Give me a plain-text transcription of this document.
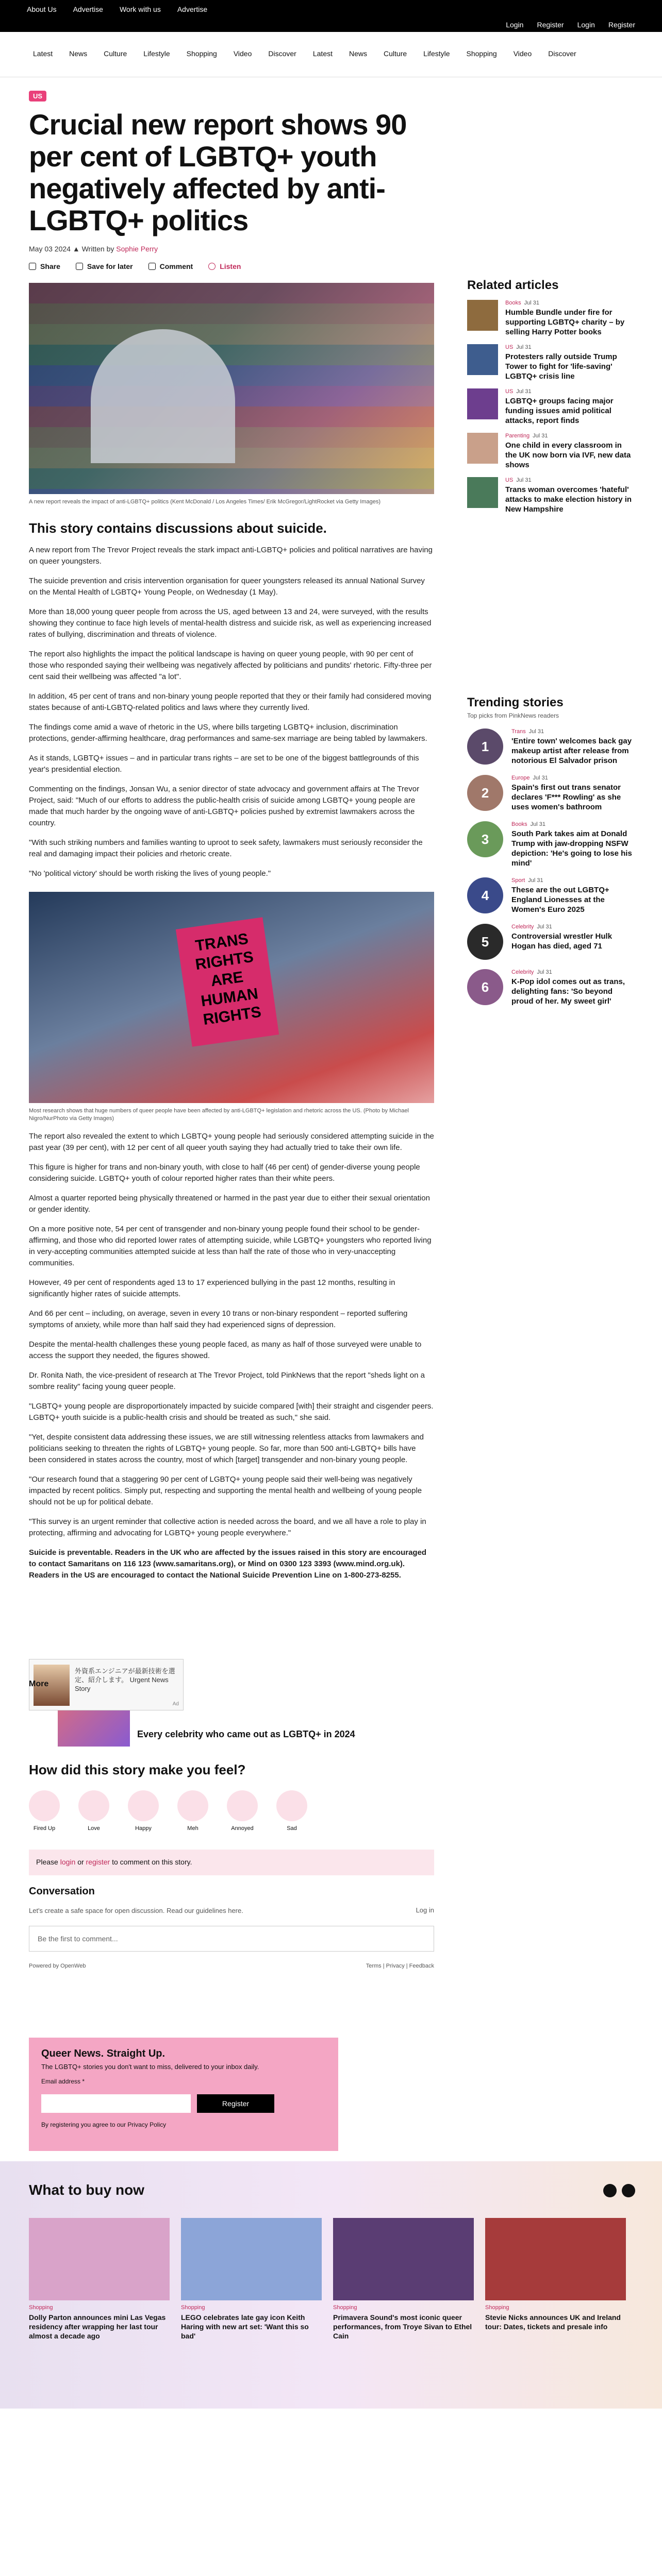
About Us Advertise Work with us Advertise
Login Register Login Register
Latest News Culture Lifestyle Shopping Video Discover Latest News Culture Lifestyle Shopping Video Discover
US
Crucial new report shows 90 per cent of LGBTQ+ youth negatively affected by anti-LGBTQ+ politics
May 03 2024 ▲ Written by Sophie Perry
Share	Save for later	Comment	Listen
A new report reveals the impact of anti-LGBTQ+ politics (Kent McDonald / Los Angeles Times/ Erik McGregor/LightRocket via Getty Images)
This story contains discussions about suicide.

A new report from The Trevor Project reveals the stark impact anti-LGBTQ+ policies and political narratives are having on queer youngsters.

The suicide prevention and crisis intervention organisation for queer youngsters released its annual National Survey on the Mental Health of LGBTQ+ Young People, on Wednesday (1 May).

More than 18,000 young queer people from across the US, aged between 13 and 24, were surveyed, with the results showing they continue to face high levels of mental-health distress and suicide risk, as well as experiencing increased rates of bullying, discrimination and threats of violence.

The report also highlights the impact the political landscape is having on queer young people, with 90 per cent of those who responded saying their wellbeing was negatively affected by politicians and pundits' rhetoric. Fifty-three per cent said their wellbeing was affected "a lot".

In addition, 45 per cent of trans and non-binary young people reported that they or their family had considered moving states because of anti-LGBTQ-related politics and laws where they currently lived.

The findings come amid a wave of rhetoric in the US, where bills targeting LGBTQ+ inclusion, discrimination protections, gender-affirming healthcare, drag performances and same-sex marriage are being tabled by lawmakers.

As it stands, LGBTQ+ issues – and in particular trans rights – are set to be one of the biggest battlegrounds of this year's presidential election.

Commenting on the findings, Jonsan Wu, a senior director of state advocacy and government affairs at The Trevor Project, said: "Much of our efforts to address the public-health crisis of suicide among LGBTQ+ young people are made that much harder by the ongoing wave of anti-LGBTQ+ policies pushed by extremist lawmakers across the country.

"With such striking numbers and families wanting to uproot to seek safety, lawmakers must seriously reconsider the real and damaging impact their policies and rhetoric create.

"No 'political victory' should be worth risking the lives of young people."

TRANS RIGHTS ARE HUMAN RIGHTS
Most research shows that huge numbers of queer people have been affected by anti-LGBTQ+ legislation and rhetoric across the US. (Photo by Michael Nigro/NurPhoto via Getty Images)

The report also revealed the extent to which LGBTQ+ young people had seriously considered attempting suicide in the past year (39 per cent), with 12 per cent of all queer youth saying they had actually tried to take their own life.

This figure is higher for trans and non-binary youth, with close to half (46 per cent) of gender-diverse young people considering suicide. LGBTQ+ youth of colour reported higher rates than their white peers.

Almost a quarter reported being physically threatened or harmed in the past year due to either their sexual orientation or gender identity.

On a more positive note, 54 per cent of transgender and non-binary young people found their school to be gender-affirming, and those who did reported lower rates of attempting suicide, while LGBTQ+ youngsters who reported living in very-accepting communities attempted suicide at less than half the rate of those who in very-unaccepting communities.

However, 49 per cent of respondents aged 13 to 17 experienced bullying in the past 12 months, resulting in significantly higher rates of suicide attempts.

And 66 per cent – including, on average, seven in every 10 trans or non-binary respondent – reported suffering symptoms of anxiety, while more than half said they had experienced signs of depression.

Despite the mental-health challenges these young people faced, as many as half of those surveyed were unable to access the support they needed, the figures showed.

Dr. Ronita Nath, the vice-president of research at The Trevor Project, told PinkNews that the report "sheds light on a sombre reality" facing young queer people.

"LGBTQ+ young people are disproportionately impacted by suicide compared [with] their straight and cisgender peers. LGBTQ+ youth suicide is a public-health crisis and should be treated as such," she said.

"Yet, despite consistent data addressing these issues, we are still witnessing relentless attacks from lawmakers and politicians seeking to threaten the rights of LGBTQ+ young people. So far, more than 500 anti-LGBTQ+ bills have been considered in states across the country, most of which [target] transgender and non-binary young people.

"Our research found that a staggering 90 per cent of LGBTQ+ young people said their well-being was negatively impacted by recent politics. Simply put, respecting and supporting the mental health and wellbeing of young people should not be up for political debate.

"This survey is an urgent reminder that collective action is needed across the board, and we all have a role to play in protecting, affirming and advocating for LGBTQ+ young people everywhere."

Suicide is preventable. Readers in the UK who are affected by the issues raised in this story are encouraged to contact Samaritans on 116 123 (www.samaritans.org), or Mind on 0300 123 3393 (www.mind.org.uk). Readers in the US are encouraged to contact the National Suicide Prevention Line on 1-800-273-8255.

外資系エンジニアが最新技術を選定、紹介します。 Urgent News Story
Ad
More
Every celebrity who came out as LGBTQ+ in 2024
How did this story make you feel?
Fired Up	Love	Happy	Meh	Annoyed	Sad
Please login or register to comment on this story.
Conversation
Let's create a safe space for open discussion. Read our guidelines here.	Log in
Be the first to comment...
Powered by OpenWeb	Terms | Privacy | Feedback
Queer News. Straight Up.
The LGBTQ+ stories you don't want to miss, delivered to your inbox daily.
Email address *
Register
By registering you agree to our Privacy Policy
What to buy now
Shopping
Dolly Parton announces mini Las Vegas residency after wrapping her last tour almost a decade ago
Shopping
LEGO celebrates late gay icon Keith Haring with new art set: 'Want this so bad'
Shopping
Primavera Sound's most iconic queer performances, from Troye Sivan to Ethel Cain
Shopping
Stevie Nicks announces UK and Ireland tour: Dates, tickets and presale info
Related articles
Books Jul 31
Humble Bundle under fire for supporting LGBTQ+ charity – by selling Harry Potter books
US Jul 31
Protesters rally outside Trump Tower to fight for 'life-saving' LGBTQ+ crisis line
US Jul 31
LGBTQ+ groups facing major funding issues amid political attacks, report finds
Parenting Jul 31
One child in every classroom in the UK now born via IVF, new data shows
US Jul 31
Trans woman overcomes 'hateful' attacks to make election history in New Hampshire
Trending stories
Top picks from PinkNews readers
1
Trans Jul 31
'Entire town' welcomes back gay makeup artist after release from notorious El Salvador prison
2
Europe Jul 31
Spain's first out trans senator declares 'F*** Rowling' as she uses women's bathroom
3
Books Jul 31
South Park takes aim at Donald Trump with jaw-dropping NSFW depiction: 'He's going to lose his mind'
4
Sport Jul 31
These are the out LGBTQ+ England Lionesses at the Women's Euro 2025
5
Celebrity Jul 31
Controversial wrestler Hulk Hogan has died, aged 71
6
Celebrity Jul 31
K-Pop idol comes out as trans, delighting fans: 'So beyond proud of her. My sweet girl'
